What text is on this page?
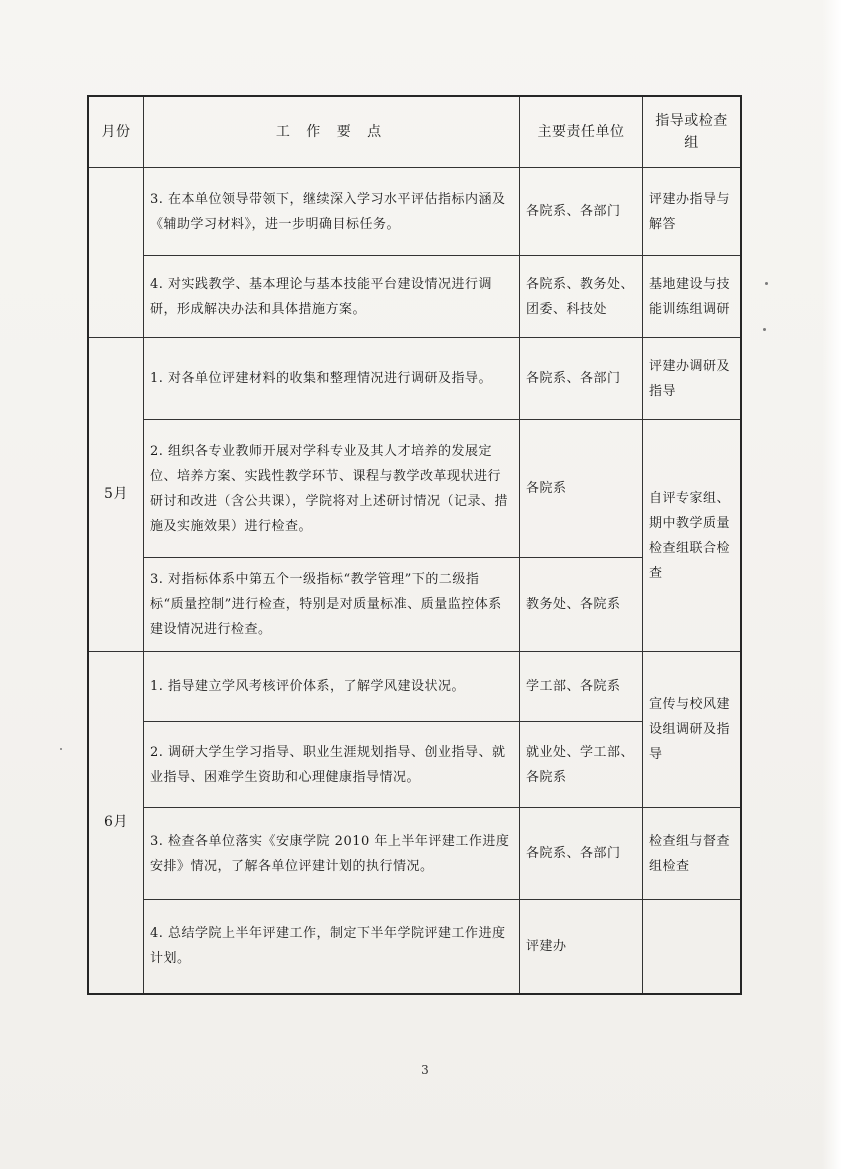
月份	工 作 要 点	主要责任单位	指导或检查组
	3. 在本单位领导带领下，继续深入学习水平评估指标内涵及《辅助学习材料》，进一步明确目标任务。	各院系、各部门	评建办指导与解答
	4. 对实践教学、基本理论与基本技能平台建设情况进行调研，形成解决办法和具体措施方案。	各院系、教务处、团委、科技处	基地建设与技能训练组调研
5月	1. 对各单位评建材料的收集和整理情况进行调研及指导。	各院系、各部门	评建办调研及指导
	2. 组织各专业教师开展对学科专业及其人才培养的发展定位、培养方案、实践性教学环节、课程与教学改革现状进行研讨和改进（含公共课），学院将对上述研讨情况（记录、措施及实施效果）进行检查。	各院系	自评专家组、期中教学质量检查组联合检查
	3. 对指标体系中第五个一级指标“教学管理”下的二级指标“质量控制”进行检查，特别是对质量标准、质量监控体系建设情况进行检查。	教务处、各院系	
6月	1. 指导建立学风考核评价体系，了解学风建设状况。	学工部、各院系	宣传与校风建设组调研及指导
	2. 调研大学生学习指导、职业生涯规划指导、创业指导、就业指导、困难学生资助和心理健康指导情况。	就业处、学工部、各院系	
	3. 检查各单位落实《安康学院 2010 年上半年评建工作进度安排》情况，了解各单位评建计划的执行情况。	各院系、各部门	检查组与督查组检查
	4. 总结学院上半年评建工作，制定下半年学院评建工作进度计划。	评建办	
3
